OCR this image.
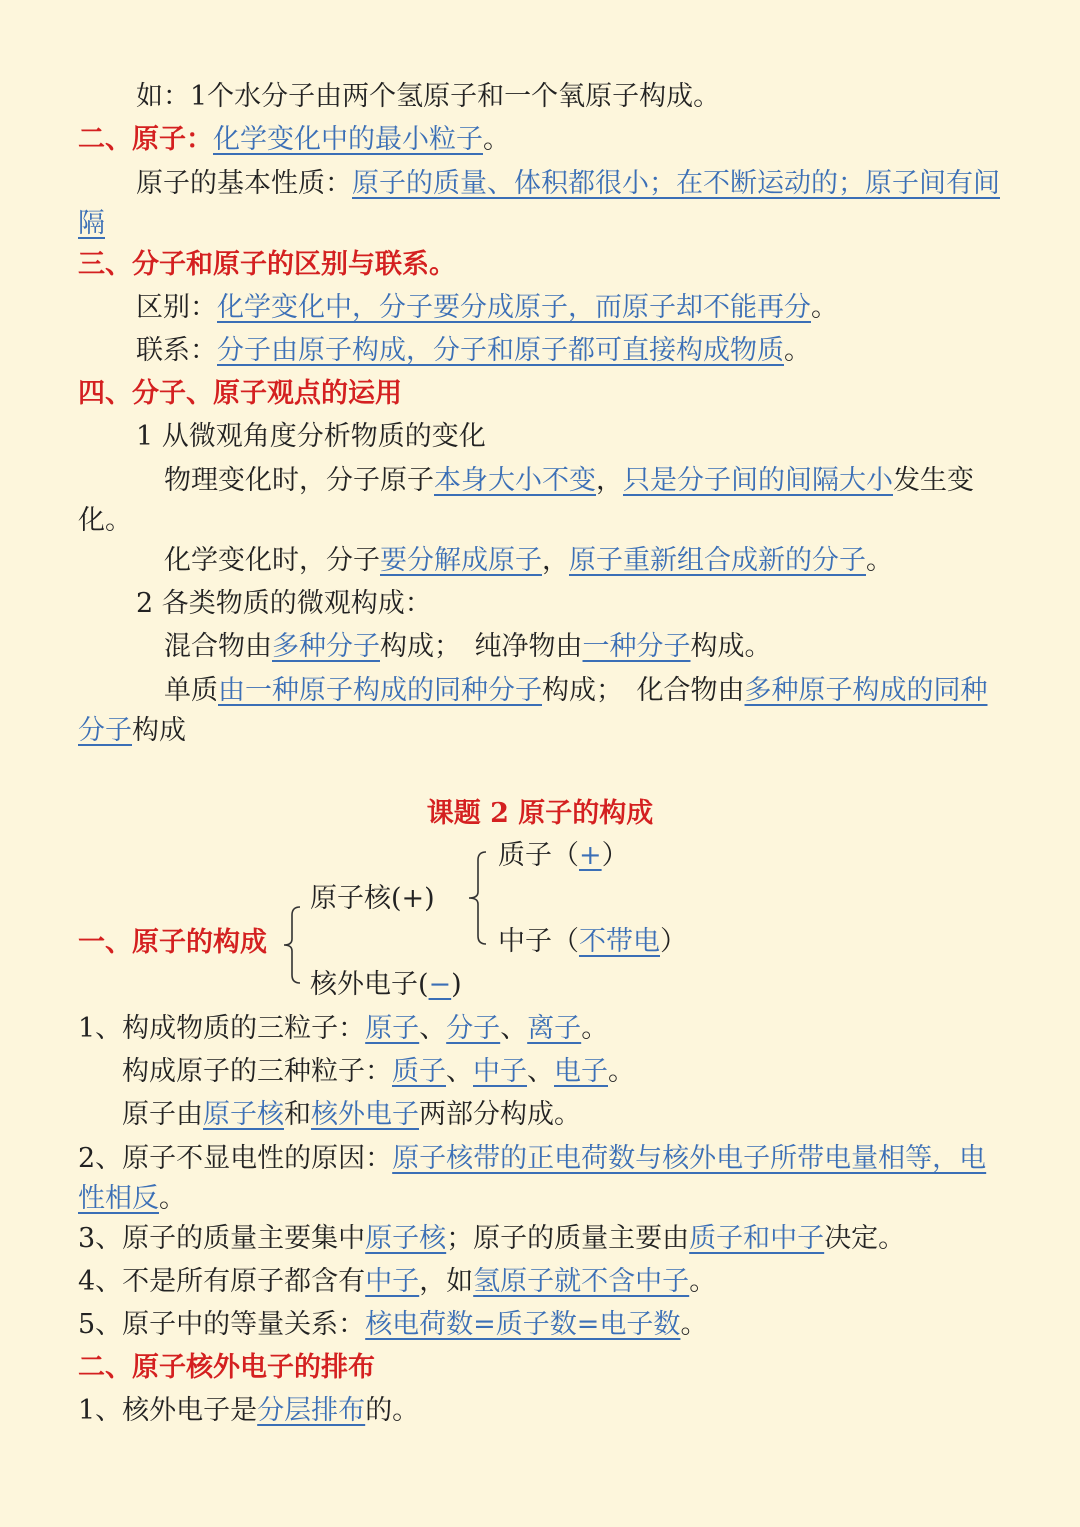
如：1个水分子由两个氢原子和一个氧原子构成。
二、原子：化学变化中的最小粒子。
原子的基本性质：原子的质量、体积都很小；在不断运动的；原子间有间隔
三、分子和原子的区别与联系。
区别：化学变化中，分子要分成原子，而原子却不能再分。
联系：分子由原子构成，分子和原子都可直接构成物质。
四、分子、原子观点的运用
1 从微观角度分析物质的变化
物理变化时，分子原子本身大小不变，只是分子间的间隔大小发生变化。
化学变化时，分子要分解成原子，原子重新组合成新的分子。
2 各类物质的微观构成：
混合物由多种分子构成；　纯净物由一种分子构成。
单质由一种原子构成的同种分子构成；　化合物由多种原子构成的同种分子构成
课题 2 原子的构成
一、原子的构成
原子核(+)
核外电子(−)
质子（+）
中子（不带电）
1、构成物质的三粒子：原子、分子、离子。
构成原子的三种粒子：质子、中子、电子。
原子由原子核和核外电子两部分构成。
2、原子不显电性的原因：原子核带的正电荷数与核外电子所带电量相等，电性相反。
3、原子的质量主要集中原子核；原子的质量主要由质子和中子决定。
4、不是所有原子都含有中子，如氢原子就不含中子。
5、原子中的等量关系：核电荷数=质子数=电子数。
二、原子核外电子的排布
1、核外电子是分层排布的。
